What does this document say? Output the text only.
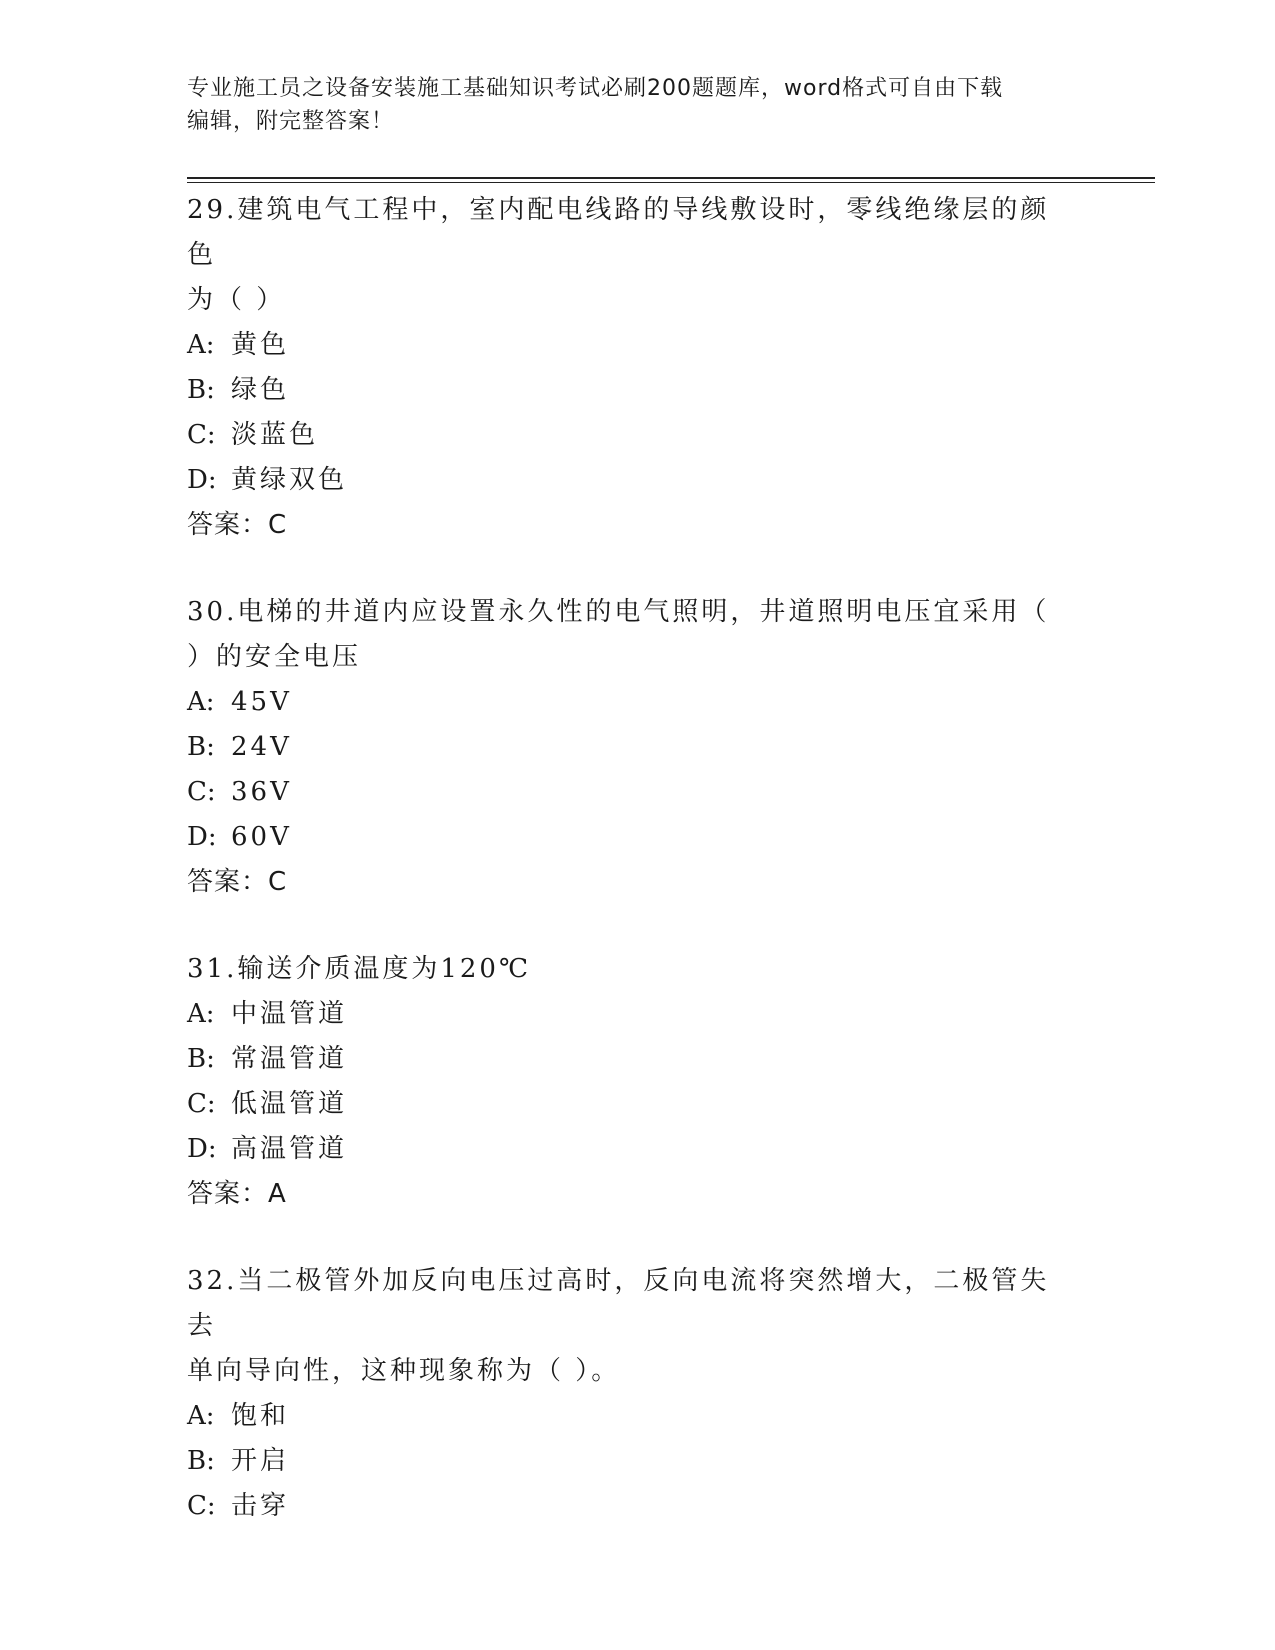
专业施工员之设备安装施工基础知识考试必刷200题题库，word格式可自由下载
编辑，附完整答案！
29.建筑电气工程中，室内配电线路的导线敷设时，零线绝缘层的颜色
为（ ）
A: 黄色
B: 绿色
C: 淡蓝色
D: 黄绿双色
答案：C
30.电梯的井道内应设置永久性的电气照明，井道照明电压宜采用（
）的安全电压
A: 45V
B: 24V
C: 36V
D: 60V
答案：C
31.输送介质温度为120℃
A: 中温管道
B: 常温管道
C: 低温管道
D: 高温管道
答案：A
32.当二极管外加反向电压过高时，反向电流将突然增大，二极管失去
单向导向性，这种现象称为（ ）。
A: 饱和
B: 开启
C: 击穿
